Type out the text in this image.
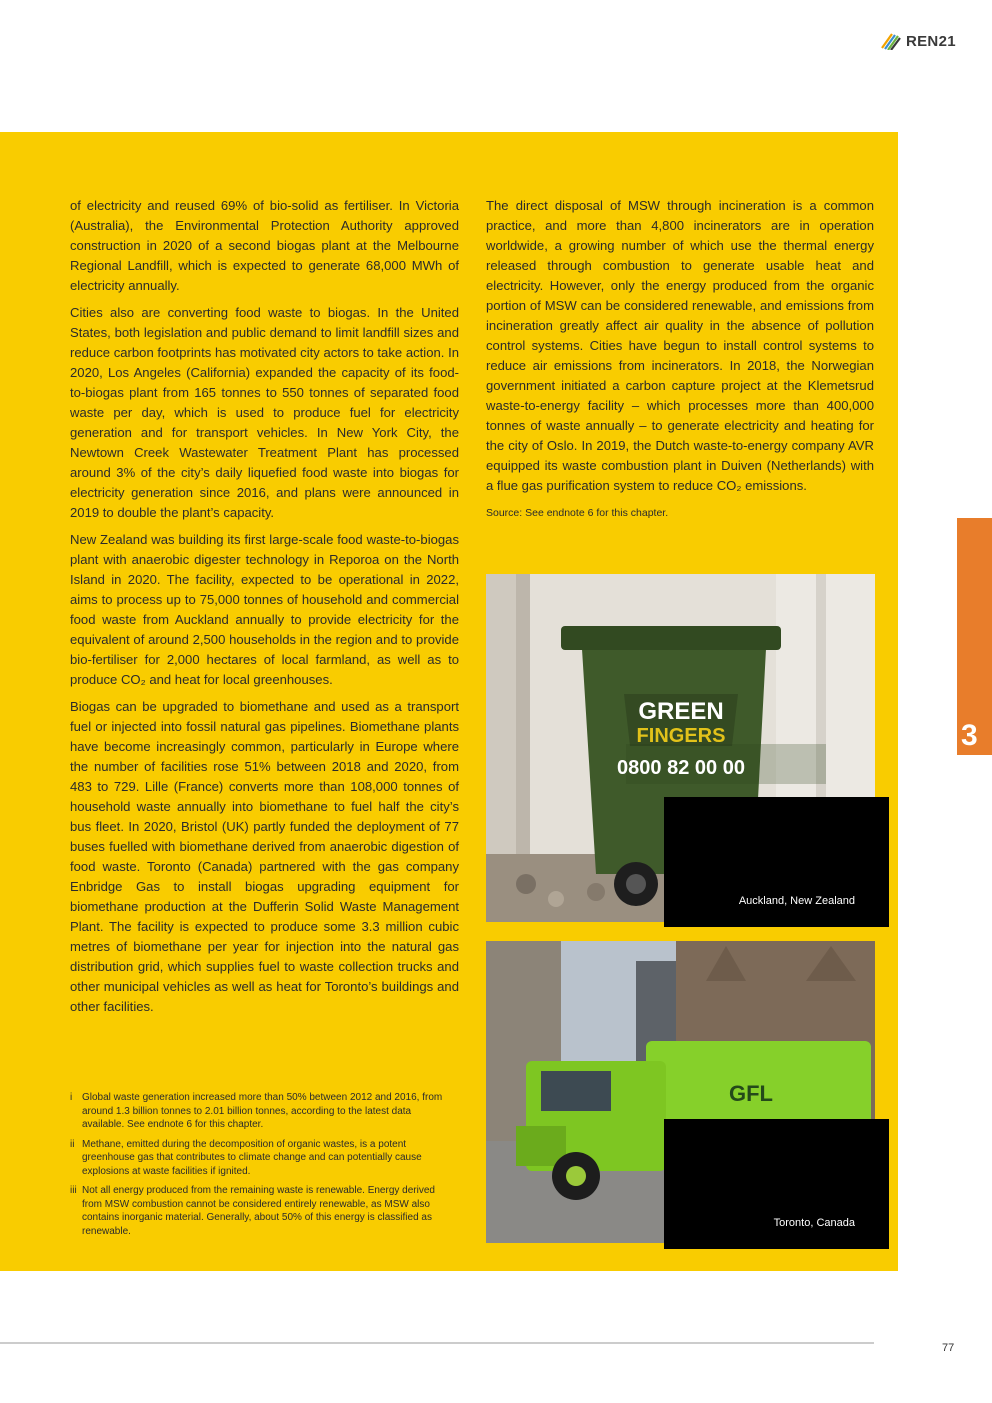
REN21

of electricity and reused 69% of bio-solid as fertiliser. In Victoria (Australia), the Environmental Protection Authority approved construction in 2020 of a second biogas plant at the Melbourne Regional Landfill, which is expected to generate 68,000 MWh of electricity annually.

Cities also are converting food waste to biogas. In the United States, both legislation and public demand to limit landfill sizes and reduce carbon footprints has motivated city actors to take action. In 2020, Los Angeles (California) expanded the capacity of its food-to-biogas plant from 165 tonnes to 550 tonnes of separated food waste per day, which is used to produce fuel for electricity generation and for transport vehicles. In New York City, the Newtown Creek Wastewater Treatment Plant has processed around 3% of the city’s daily liquefied food waste into biogas for electricity generation since 2016, and plans were announced in 2019 to double the plant’s capacity.

New Zealand was building its first large-scale food waste-to-biogas plant with anaerobic digester technology in Reporoa on the North Island in 2020. The facility, expected to be operational in 2022, aims to process up to 75,000 tonnes of household and commercial food waste from Auckland annually to provide electricity for the equivalent of around 2,500 households in the region and to provide bio-fertiliser for 2,000 hectares of local farmland, as well as to produce CO₂ and heat for local greenhouses.

Biogas can be upgraded to biomethane and used as a transport fuel or injected into fossil natural gas pipelines. Biomethane plants have become increasingly common, particularly in Europe where the number of facilities rose 51% between 2018 and 2020, from 483 to 729. Lille (France) converts more than 108,000 tonnes of household waste annually into biomethane to fuel half the city’s bus fleet. In 2020, Bristol (UK) partly funded the deployment of 77 buses fuelled with biomethane derived from anaerobic digestion of food waste. Toronto (Canada) partnered with the gas company Enbridge Gas to install biogas upgrading equipment for biomethane production at the Dufferin Solid Waste Management Plant. The facility is expected to produce some 3.3 million cubic metres of biomethane per year for injection into the natural gas distribution grid, which supplies fuel to waste collection trucks and other municipal vehicles as well as heat for Toronto’s buildings and other facilities.

The direct disposal of MSW through incineration is a common practice, and more than 4,800 incinerators are in operation worldwide, a growing number of which use the thermal energy released through combustion to generate usable heat and electricity. However, only the energy produced from the organic portion of MSW can be considered renewable, and emissions from incineration greatly affect air quality in the absence of pollution control systems. Cities have begun to install control systems to reduce air emissions from incinerators. In 2018, the Norwegian government initiated a carbon capture project at the Klemetsrud waste-to-energy facility – which processes more than 400,000 tonnes of waste annually – to generate electricity and heating for the city of Oslo. In 2019, the Dutch waste-to-energy company AVR equipped its waste combustion plant in Duiven (Netherlands) with a flue gas purification system to reduce CO₂ emissions.

Source: See endnote 6 for this chapter.
i Global waste generation increased more than 50% between 2012 and 2016, from around 1.3 billion tonnes to 2.01 billion tonnes, according to the latest data available. See endnote 6 for this chapter.
ii Methane, emitted during the decomposition of organic wastes, is a potent greenhouse gas that contributes to climate change and can potentially cause explosions at waste facilities if ignited.
iii Not all energy produced from the remaining waste is renewable. Energy derived from MSW combustion cannot be considered entirely renewable, as MSW also contains inorganic material. Generally, about 50% of this energy is classified as renewable.
GREEN
FINGERS
0800 82 00 00
Auckland, New Zealand
GFL
Toronto, Canada
3
77
